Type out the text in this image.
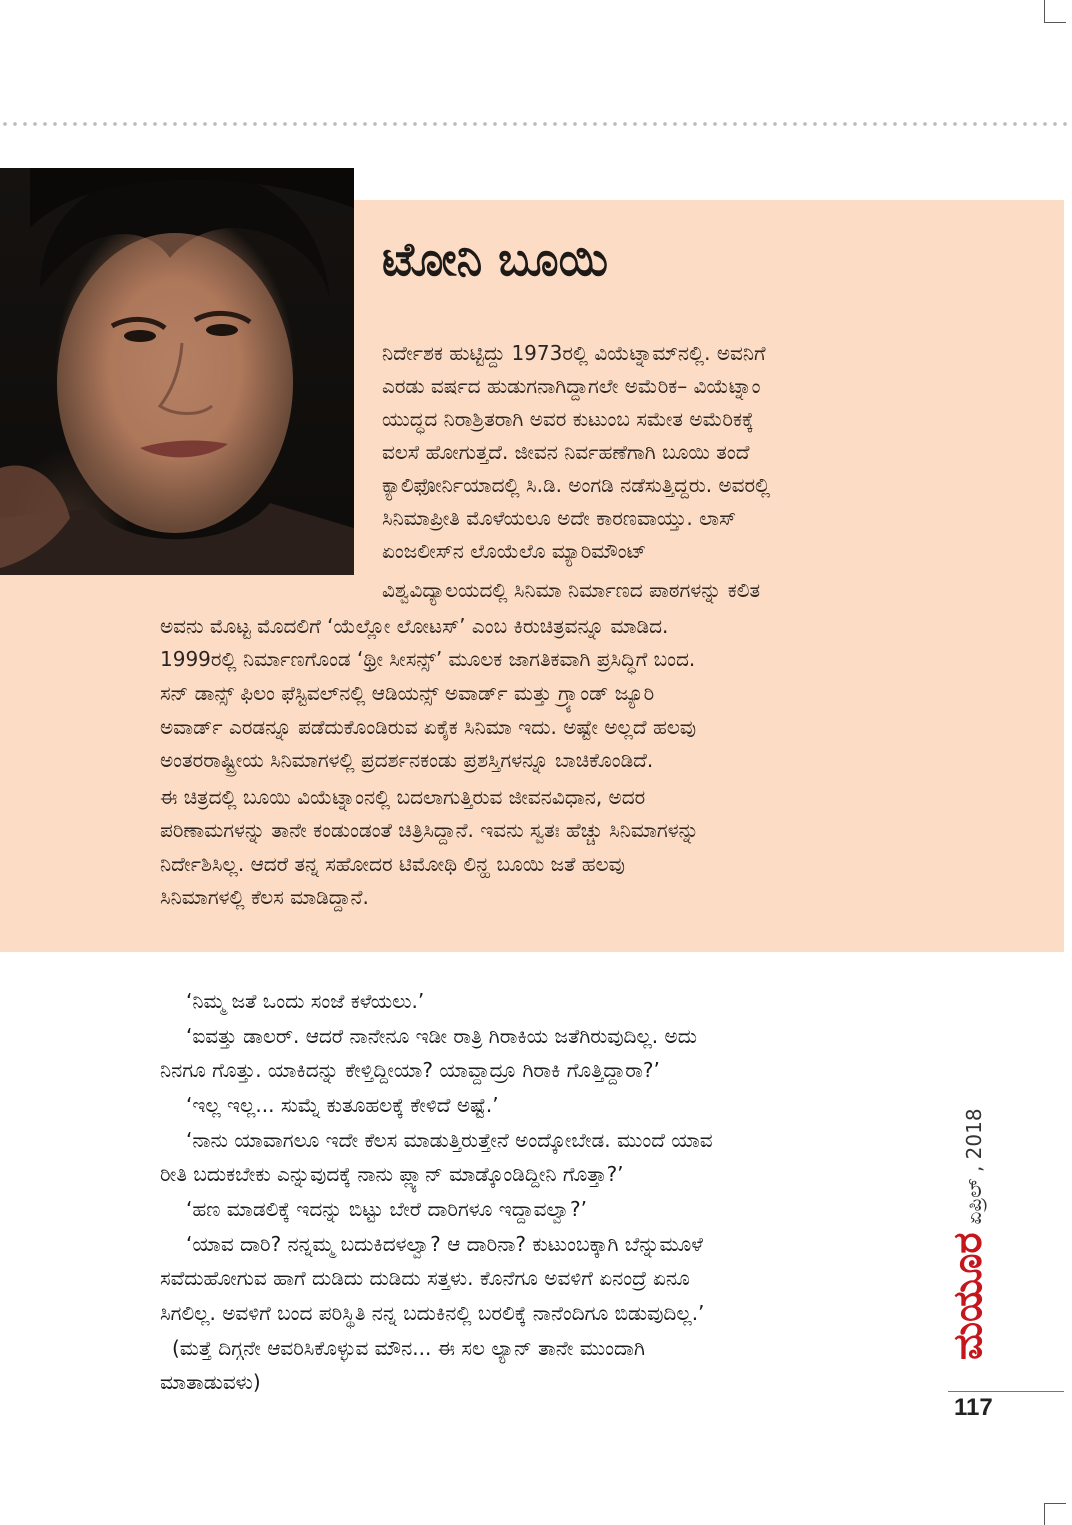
ಟೋನಿ ಬೂಯಿ
ನಿರ್ದೇಶಕ ಹುಟ್ಟಿದ್ದು 1973ರಲ್ಲಿ ವಿಯೆಟ್ನಾಮ್‌ನಲ್ಲಿ. ಅವನಿಗೆ
ಎರಡು ವರ್ಷದ ಹುಡುಗನಾಗಿದ್ದಾಗಲೇ ಅಮೆರಿಕ– ವಿಯೆಟ್ನಾಂ
ಯುದ್ಧದ ನಿರಾಶ್ರಿತರಾಗಿ ಅವರ ಕುಟುಂಬ ಸಮೇತ ಅಮೆರಿಕಕ್ಕೆ
ವಲಸೆ ಹೋಗುತ್ತದೆ. ಜೀವನ ನಿರ್ವಹಣೆಗಾಗಿ ಬೂಯಿ ತಂದೆ
ಕ್ಯಾಲಿಫೋರ್ನಿಯಾದಲ್ಲಿ ಸಿ.ಡಿ. ಅಂಗಡಿ ನಡೆಸುತ್ತಿದ್ದರು. ಅವರಲ್ಲಿ
ಸಿನಿಮಾಪ್ರೀತಿ ಮೊಳೆಯಲೂ ಅದೇ ಕಾರಣವಾಯ್ತು. ಲಾಸ್
ಏಂಜಲೀಸ್‌ನ ಲೊಯೆಲೊ ಮ್ಯಾರಿಮೌಂಟ್
ವಿಶ್ವವಿದ್ಯಾಲಯದಲ್ಲಿ ಸಿನಿಮಾ ನಿರ್ಮಾಣದ ಪಾಠಗಳನ್ನು ಕಲಿತ
ಅವನು ಮೊಟ್ಟ ಮೊದಲಿಗೆ ‘ಯೆಲ್ಲೋ ಲೋಟಸ್’ ಎಂಬ ಕಿರುಚಿತ್ರವನ್ನೂ ಮಾಡಿದ.
1999ರಲ್ಲಿ ನಿರ್ಮಾಣಗೊಂಡ ‘ಥ್ರೀ ಸೀಸನ್ಸ್’ ಮೂಲಕ ಜಾಗತಿಕವಾಗಿ ಪ್ರಸಿದ್ಧಿಗೆ ಬಂದ.
ಸನ್ ಡಾನ್ಸ್ ಫಿಲಂ ಫೆಸ್ಟಿವಲ್‌ನಲ್ಲಿ ಆಡಿಯನ್ಸ್ ಅವಾರ್ಡ್ ಮತ್ತು ಗ್ರ್ಯಾಂಡ್ ಜ್ಯೂರಿ
ಅವಾರ್ಡ್ ಎರಡನ್ನೂ ಪಡೆದುಕೊಂಡಿರುವ ಏಕೈಕ ಸಿನಿಮಾ ಇದು. ಅಷ್ಟೇ ಅಲ್ಲದೆ ಹಲವು
ಅಂತರರಾಷ್ಟ್ರೀಯ ಸಿನಿಮಾಗಳಲ್ಲಿ ಪ್ರದರ್ಶನಕಂಡು ಪ್ರಶಸ್ತಿಗಳನ್ನೂ ಬಾಚಿಕೊಂಡಿದೆ.
ಈ ಚಿತ್ರದಲ್ಲಿ ಬೂಯಿ ವಿಯೆಟ್ನಾಂನಲ್ಲಿ ಬದಲಾಗುತ್ತಿರುವ ಜೀವನವಿಧಾನ, ಅದರ
ಪರಿಣಾಮಗಳನ್ನು ತಾನೇ ಕಂಡುಂಡಂತೆ ಚಿತ್ರಿಸಿದ್ದಾನೆ. ಇವನು ಸ್ವತಃ ಹೆಚ್ಚು ಸಿನಿಮಾಗಳನ್ನು
ನಿರ್ದೇಶಿಸಿಲ್ಲ. ಆದರೆ ತನ್ನ ಸಹೋದರ ಟಿಮೋಥಿ ಲಿನ್ಹ ಬೂಯಿ ಜತೆ ಹಲವು
ಸಿನಿಮಾಗಳಲ್ಲಿ ಕೆಲಸ ಮಾಡಿದ್ದಾನೆ.
‘ನಿಮ್ಮ ಜತೆ ಒಂದು ಸಂಜೆ ಕಳೆಯಲು.’
‘ಐವತ್ತು ಡಾಲರ್. ಆದರೆ ನಾನೇನೂ ಇಡೀ ರಾತ್ರಿ ಗಿರಾಕಿಯ ಜತೆಗಿರುವುದಿಲ್ಲ. ಅದು
ನಿನಗೂ ಗೊತ್ತು. ಯಾಕಿದನ್ನು ಕೇಳ್ತಿದ್ದೀಯಾ? ಯಾವ್ದಾದ್ರೂ ಗಿರಾಕಿ ಗೊತ್ತಿದ್ದಾರಾ?’
‘ಇಲ್ಲ ಇಲ್ಲ... ಸುಮ್ನೆ ಕುತೂಹಲಕ್ಕೆ ಕೇಳಿದೆ ಅಷ್ಟೆ.’
‘ನಾನು ಯಾವಾಗಲೂ ಇದೇ ಕೆಲಸ ಮಾಡುತ್ತಿರುತ್ತೇನೆ ಅಂದ್ಕೋಬೇಡ. ಮುಂದೆ ಯಾವ
ರೀತಿ ಬದುಕಬೇಕು ಎನ್ನುವುದಕ್ಕೆ ನಾನು ಪ್ಲ್ಯಾನ್ ಮಾಡ್ಕೊಂಡಿದ್ದೀನಿ ಗೊತ್ತಾ?’
‘ಹಣ ಮಾಡಲಿಕ್ಕೆ ಇದನ್ನು ಬಿಟ್ಟು ಬೇರೆ ದಾರಿಗಳೂ ಇದ್ದಾವಲ್ವಾ?’
‘ಯಾವ ದಾರಿ? ನನ್ನಮ್ಮ ಬದುಕಿದಳಲ್ವಾ? ಆ ದಾರಿನಾ? ಕುಟುಂಬಕ್ಕಾಗಿ ಬೆನ್ನುಮೂಳೆ
ಸವೆದುಹೋಗುವ ಹಾಗೆ ದುಡಿದು ದುಡಿದು ಸತ್ತಳು. ಕೊನೆಗೂ ಅವಳಿಗೆ ಏನಂದ್ರೆ ಏನೂ
ಸಿಗಲಿಲ್ಲ. ಅವಳಿಗೆ ಬಂದ ಪರಿಸ್ಥಿತಿ ನನ್ನ ಬದುಕಿನಲ್ಲಿ ಬರಲಿಕ್ಕೆ ನಾನೆಂದಿಗೂ ಬಿಡುವುದಿಲ್ಲ.’
(ಮತ್ತೆ ದಿಗ್ಗನೇ ಆವರಿಸಿಕೊಳ್ಳುವ ಮೌನ... ಈ ಸಲ ಲ್ಯಾನ್ ತಾನೇ ಮುಂದಾಗಿ
ಮಾತಾಡುವಳು)
ಮಯೂರಏಪ್ರಿಲ್ , 2018
117
